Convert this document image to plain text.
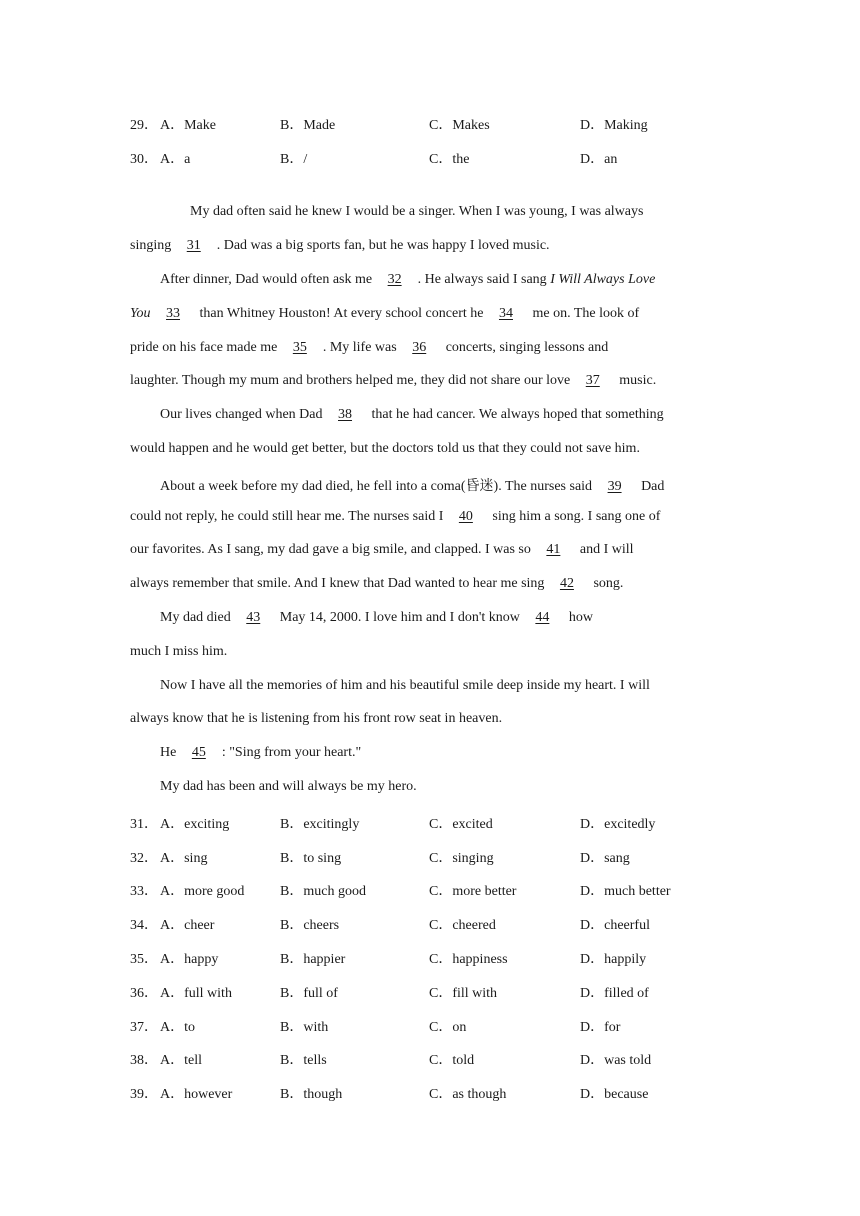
29． A．Make	B．Made	C．Makes	D．Making
30． A．a	B．/	C．the	D．an
My dad often said he knew I would be a singer. When I was young, I was always
singing 31 . Dad was a big sports fan, but he was happy I loved music.
After dinner, Dad would often ask me 32 . He always said I sang I Will Always Love
You 33 than Whitney Houston! At every school concert he 34 me on. The look of
pride on his face made me 35 . My life was 36 concerts, singing lessons and
laughter. Though my mum and brothers helped me, they did not share our love 37 music.
Our lives changed when Dad 38 that he had cancer. We always hoped that something
would happen and he would get better, but the doctors told us that they could not save him.
About a week before my dad died, he fell into a coma(昏迷). The nurses said 39 Dad
could not reply, he could still hear me. The nurses said I 40 sing him a song. I sang one of
our favorites. As I sang, my dad gave a big smile, and clapped. I was so 41 and I will
always remember that smile. And I knew that Dad wanted to hear me sing 42 song.
My dad died 43 May 14, 2000. I love him and I don't know 44 how
much I miss him.
Now I have all the memories of him and his beautiful smile deep inside my heart. I will
always know that he is listening from his front row seat in heaven.
He 45 : "Sing from your heart."
My dad has been and will always be my hero.
31． A．exciting	B．excitingly	C．excited	D．excitedly
32． A．sing	B．to sing	C．singing	D．sang
33． A．more good	B．much good	C．more better	D．much better
34． A．cheer	B．cheers	C．cheered	D．cheerful
35． A．happy	B．happier	C．happiness	D．happily
36． A．full with	B．full of	C．fill with	D．filled of
37． A．to	B．with	C．on	D．for
38． A．tell	B．tells	C．told	D．was told
39． A．however	B．though	C．as though	D．because
